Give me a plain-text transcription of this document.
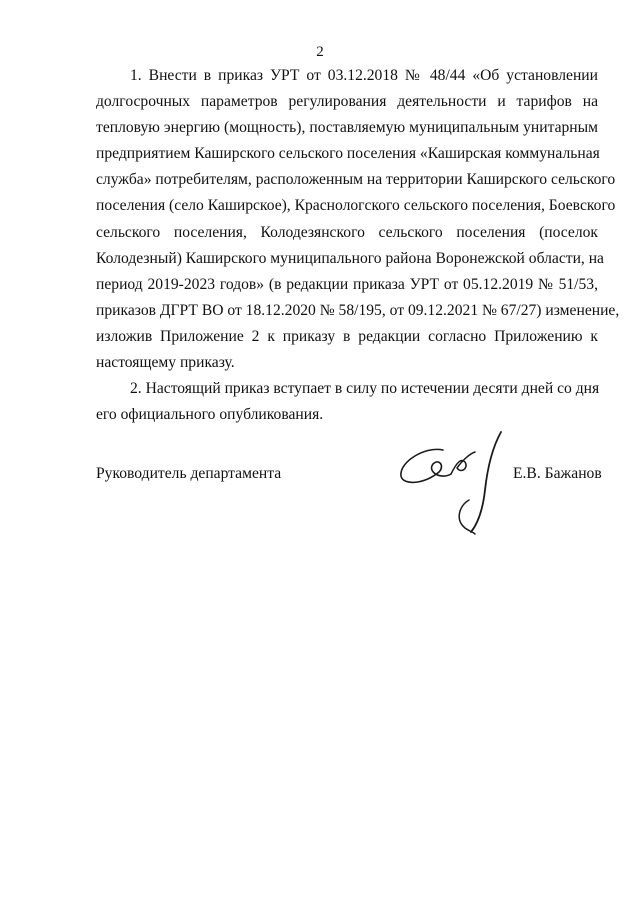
2
1. Внести в приказ УРТ от 03.12.2018 № 48/44 «Об установлении
долгосрочных параметров регулирования деятельности и тарифов на
тепловую энергию (мощность), поставляемую муниципальным унитарным
предприятием Каширского сельского поселения «Каширская коммунальная
служба» потребителям, расположенным на территории Каширского сельского
поселения (село Каширское), Краснологского сельского поселения, Боевского
сельского поселения, Колодезянского сельского поселения (поселок
Колодезный) Каширского муниципального района Воронежской области, на
период 2019-2023 годов» (в редакции приказа УРТ от 05.12.2019 № 51/53,
приказов ДГРТ ВО от 18.12.2020 № 58/195, от 09.12.2021 № 67/27) изменение,
изложив Приложение 2 к приказу в редакции согласно Приложению к
настоящему приказу.
2. Настоящий приказ вступает в силу по истечении десяти дней со дня
его официального опубликования.
Руководитель департамента	Е.В. Бажанов
